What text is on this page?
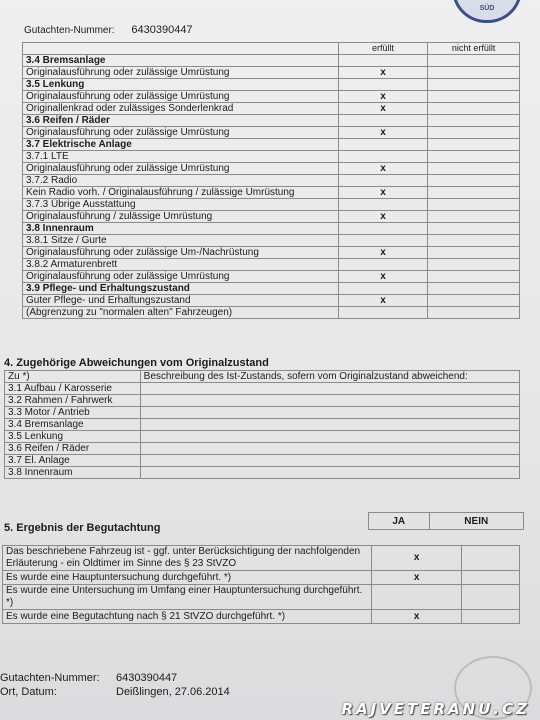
SÜD
Gutachten-Nummer: 6430390447
	erfüllt	nicht erfüllt
3.4 Bremsanlage		
Originalausführung oder zulässige Umrüstung	x	
3.5 Lenkung		
Originalausführung oder zulässige Umrüstung	x	
Originallenkrad oder zulässiges Sonderlenkrad	x	
3.6 Reifen / Räder		
Originalausführung oder zulässige Umrüstung	x	
3.7 Elektrische Anlage		
3.7.1 LTE		
Originalausführung oder zulässige Umrüstung	x	
3.7.2 Radio		
Kein Radio vorh. / Originalausführung / zulässige Umrüstung	x	
3.7.3 Übrige Ausstattung		
Originalausführung / zulässige Umrüstung	x	
3.8 Innenraum		
3.8.1 Sitze / Gurte		
Originalausführung oder zulässige Um-/Nachrüstung	x	
3.8.2 Armaturenbrett		
Originalausführung oder zulässige Umrüstung	x	
3.9 Pflege- und Erhaltungszustand		
Guter Pflege- und Erhaltungszustand	x	
(Abgrenzung zu "normalen alten" Fahrzeugen)		
4. Zugehörige Abweichungen vom Originalzustand
Zu *)	Beschreibung des Ist-Zustands, sofern vom Originalzustand abweichend:
3.1 Aufbau / Karosserie	
3.2 Rahmen / Fahrwerk	
3.3 Motor / Antrieb	
3.4 Bremsanlage	
3.5 Lenkung	
3.6 Reifen / Räder	
3.7 El. Anlage	
3.8 Innenraum	
5. Ergebnis der Begutachtung
JA	NEIN
Das beschriebene Fahrzeug ist - ggf. unter Berücksichtigung der nachfolgenden Erläuterung - ein Oldtimer im Sinne des § 23 StVZO	x	
Es wurde eine Hauptuntersuchung durchgeführt. *)	x	
Es wurde eine Untersuchung im Umfang einer Hauptuntersuchung durchgeführt. *)		
Es wurde eine Begutachtung nach § 21 StVZO durchgeführt. *)	x	
Gutachten-Nummer: 6430390447
Ort, Datum:	Deißlingen, 27.06.2014
RAJVETERANU.CZ
